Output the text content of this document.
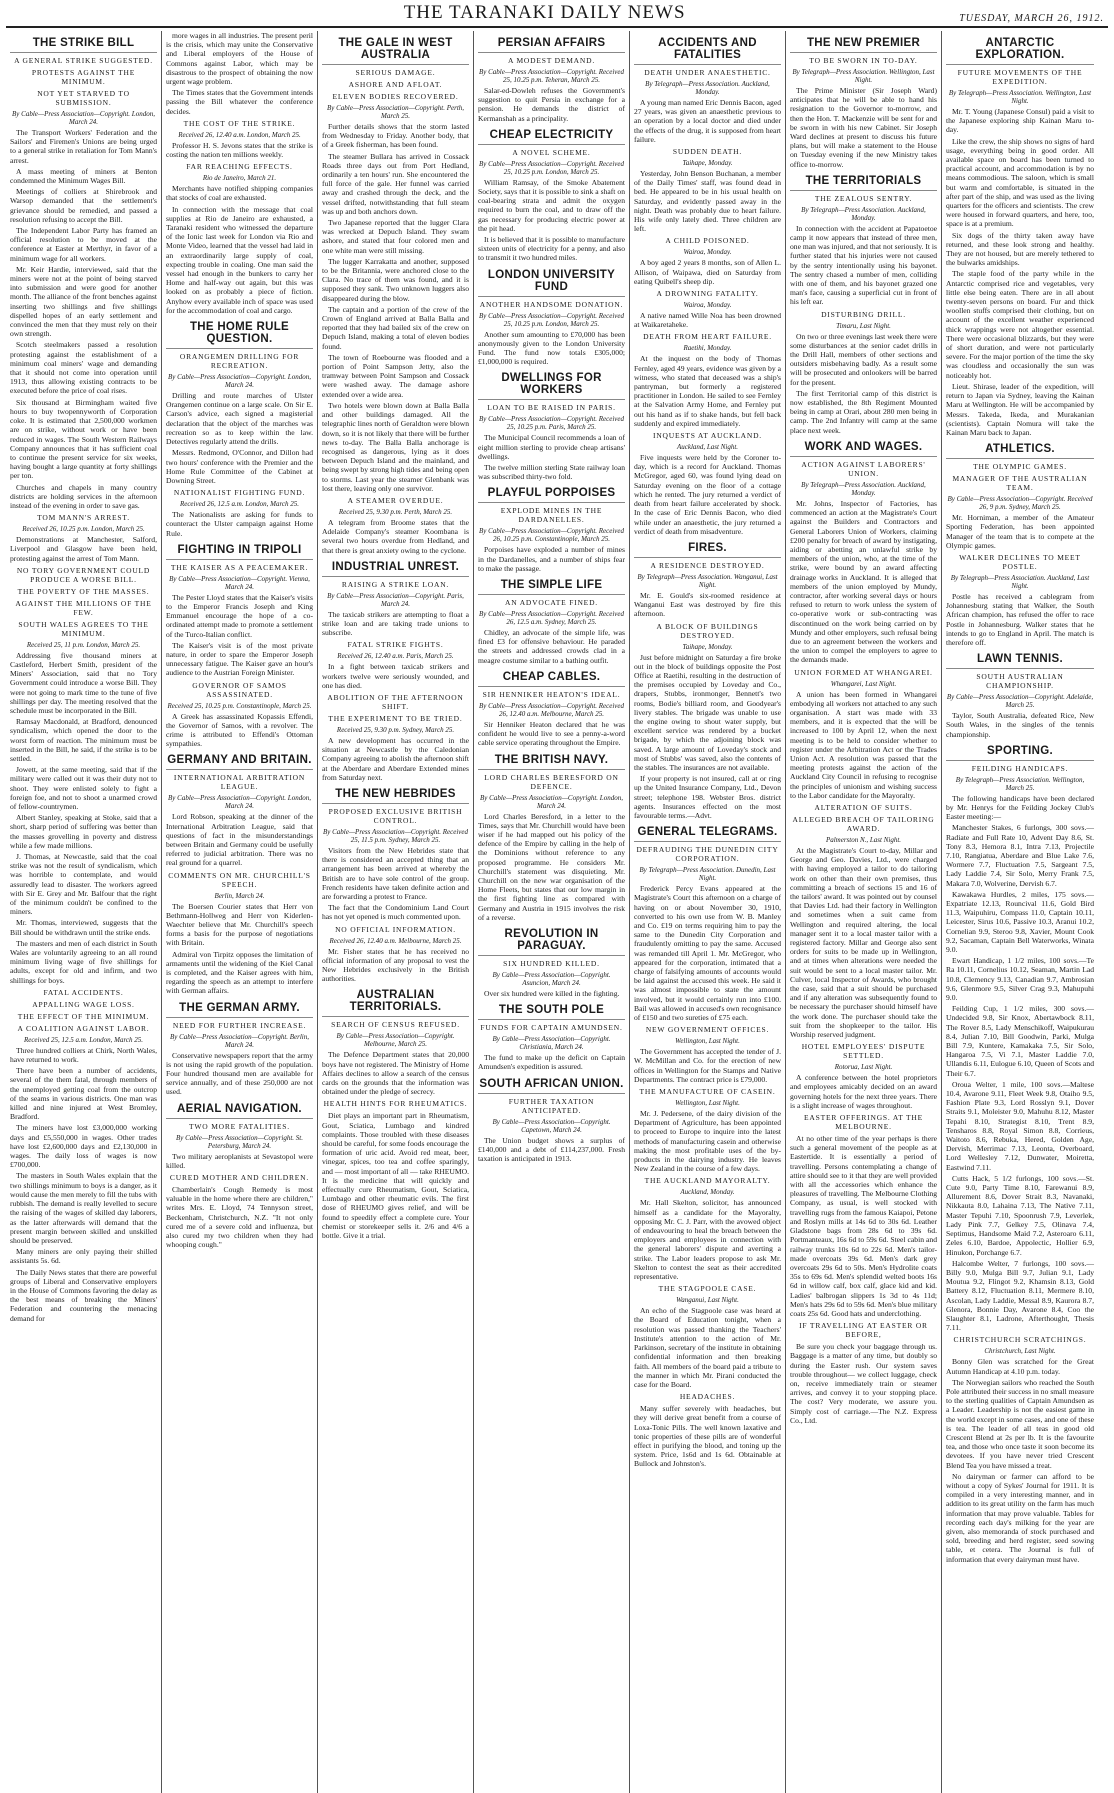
THE TARANAKI DAILY NEWS	TUESDAY, MARCH 26, 1912.
THE STRIKE BILL
A GENERAL STRIKE SUGGESTED.
PROTESTS AGAINST THE MINIMUM.
NOT YET STARVED TO SUBMISSION.
By Cable—Press Association—Copyright. London, March 24.

The Transport Workers' Federation and the Sailors' and Firemen's Unions are being urged to a general strike in retaliation for Tom Mann's arrest.

A mass meeting of miners at Benton condemned the Minimum Wages Bill.

Meetings of colliers at Shirebrook and Warsop demanded that the settlement's grievance should be remedied, and passed a resolution refusing to accept the Bill.

The Independent Labor Party has framed an official resolution to be moved at the conference at Easter at Merthyr, in favor of a minimum wage for all workers.

Mr. Keir Hardie, interviewed, said that the miners were not at the point of being starved into submission and were good for another month. The alliance of the front benches against inserting two shillings and five shillings dispelled hopes of an early settlement and convinced the men that they must rely on their own strength.

Scotch steelmakers passed a resolution protesting against the establishment of a minimum coal miners' wage and demanding that it should not come into operation until 1913, thus allowing existing contracts to be executed before the price of coal rises.

Six thousand at Birmingham waited five hours to buy twopennyworth of Corporation coke. It is estimated that 2,500,000 workmen are on strike, without work or have been reduced in wages. The South Western Railways Company announces that it has sufficient coal to continue the present service for six weeks, having bought a large quantity at forty shillings per ton.

Churches and chapels in many country districts are holding services in the afternoon instead of the evening in order to save gas.

TOM MANN'S ARREST.
Received 26, 10.25 p.m. London, March 25.

Demonstrations at Manchester, Salford, Liverpool and Glasgow have been held, protesting against the arrest of Tom Mann.

NO TORY GOVERNMENT COULD PRODUCE A WORSE BILL.
THE POVERTY OF THE MASSES.
AGAINST THE MILLIONS OF THE FEW.
SOUTH WALES AGREES TO THE MINIMUM.
Received 25, 11 p.m. London, March 25.

Addressing five thousand miners at Castleford, Herbert Smith, president of the Miners' Association, said that no Tory Government could introduce a worse Bill. They were not going to mark time to the tune of five shillings per day. The meeting resolved that the schedule must be incorporated in the Bill.

Ramsay Macdonald, at Bradford, denounced syndicalism, which opened the door to the worst form of reaction. The minimum must be inserted in the Bill, he said, if the strike is to be settled.

Jowett, at the same meeting, said that if the military were called out it was their duty not to shoot. They were enlisted solely to fight a foreign foe, and not to shoot a unarmed crowd of fellow-countrymen.

Albert Stanley, speaking at Stoke, said that a short, sharp period of suffering was better than the masses grovelling in poverty and distress while a few made millions.

J. Thomas, at Newcastle, said that the coal strike was not the result of syndicalism, which was horrible to contemplate, and would assuredly lead to disaster. The workers agreed with Sir E. Grey and Mr. Balfour that the right of the minimum couldn't be confined to the miners.

Mr. Thomas, interviewed, suggests that the Bill should be withdrawn until the strike ends.

The masters and men of each district in South Wales are voluntarily agreeing to an all round minimum living wage of five shillings for adults, except for old and infirm, and two shillings for boys.

FATAL ACCIDENTS.
APPALLING WAGE LOSS.
THE EFFECT OF THE MINIMUM.
A COALITION AGAINST LABOR.
Received 25, 12.5 a.m. London, March 25.

Three hundred colliers at Chirk, North Wales, have returned to work.

There have been a number of accidents, several of the them fatal, through members of the unemployed getting coal from the outcrop of the seams in various districts. One man was killed and nine injured at West Bromley, Bradford.

The miners have lost £3,000,000 working days and £5,550,000 in wages. Other trades have lost £2,600,000 days and £2,130,000 in wages. The daily loss of wages is now £700,000.

The masters in South Wales explain that the two shillings minimum to boys is a danger, as it would cause the men merely to fill the tubs with rubbish. The demand is really levelled to secure the raising of the wages of skilled day laborers, as the latter afterwards will demand that the present margin between skilled and unskilled should be preserved.

Many miners are only paying their shilled assistants 5s. 6d.

The Daily News states that there are powerful groups of Liberal and Conservative employers in the House of Commons favoring the delay as the best means of breaking the Miners' Federation and countering the menacing demand for

more wages in all industries. The present peril is the crisis, which may unite the Conservative and Liberal employers of the House of Commons against Labor, which may be disastrous to the prospect of obtaining the now urgent wage problem.

The Times states that the Government intends passing the Bill whatever the conference decides.

THE COST OF THE STRIKE.
Received 26, 12.40 a.m. London, March 25.

Professor H. S. Jevons states that the strike is costing the nation ten millions weekly.

FAR REACHING EFFECTS.
Rio de Janeiro, March 21.

Merchants have notified shipping companies that stocks of coal are exhausted.

In connection with the message that coal supplies at Rio de Janeiro are exhausted, a Taranaki resident who witnessed the departure of the Ionic last week for London via Rio and Monte Video, learned that the vessel had laid in an extraordinarily large supply of coal, expecting trouble in coaling. One man said the vessel had enough in the bunkers to carry her Home and half-way out again, but this was looked on as probably a piece of fiction. Anyhow every available inch of space was used for the accommodation of coal and cargo.

THE HOME RULE QUESTION.
ORANGEMEN DRILLING FOR RECREATION.
By Cable—Press Association—Copyright. London, March 24.

Drilling and route marches of Ulster Orangemen continue on a large scale. On Sir E. Carson's advice, each signed a magisterial declaration that the object of the marches was recreation so as to keep within the law. Detectives regularly attend the drills.

Messrs. Redmond, O'Connor, and Dillon had two hours' conference with the Premier and the Home Rule Committee of the Cabinet at Downing Street.

NATIONALIST FIGHTING FUND.
Received 26, 12.5 a.m. London, March 25.

The Nationalists are asking for funds to counteract the Ulster campaign against Home Rule.

FIGHTING IN TRIPOLI
THE KAISER AS A PEACEMAKER.
By Cable—Press Association—Copyright. Vienna, March 24.

The Pester Lloyd states that the Kaiser's visits to the Emperor Francis Joseph and King Emmanuel encourage the hope of a co-ordinated attempt made to promote a settlement of the Turco-Italian conflict.

The Kaiser's visit is of the most private nature, in order to spare the Emperor Joseph unnecessary fatigue. The Kaiser gave an hour's audience to the Austrian Foreign Minister.

GOVERNOR OF SAMOS ASSASSINATED.
Received 25, 10.25 p.m. Constantinople, March 25.

A Greek has assassinated Kopassis Effendi, the Governor of Samos, with a revolver. The crime is attributed to Effendi's Ottoman sympathies.

GERMANY AND BRITAIN.
INTERNATIONAL ARBITRATION LEAGUE.
By Cable—Press Association—Copyright. London, March 24.

Lord Robson, speaking at the dinner of the International Arbitration League, said that questions of fact in the misunderstandings between Britain and Germany could be usefully referred to judicial arbitration. There was no real ground for a quarrel.

COMMENTS ON MR. CHURCHILL'S SPEECH.
Berlin, March 24.

The Boersen Courier states that Herr von Bethmann-Hollweg and Herr von Kiderlen-Waechter believe that Mr. Churchill's speech forms a basis for the purpose of negotiations with Britain.

Admiral von Tirpitz opposes the limitation of armaments until the widening of the Kiel Canal is completed, and the Kaiser agrees with him, regarding the speech as an attempt to interfere with German affairs.

THE GERMAN ARMY.
NEED FOR FURTHER INCREASE.
By Cable—Press Association—Copyright. Berlin, March 24.

Conservative newspapers report that the army is not using the rapid growth of the population. Four hundred thousand men are available for service annually, and of these 250,000 are not used.

AERIAL NAVIGATION.
TWO MORE FATALITIES.
By Cable—Press Association—Copyright. St. Petersburg, March 24.

Two military aeroplanists at Sevastopol were killed.

CURED MOTHER AND CHILDREN.

Chamberlain's Cough Remedy is most valuable in the home where there are children," writes Mrs. E. Lloyd, 74 Tennyson street, Beckenham, Christchurch, N.Z. "It not only cured me of a severe cold and influenza, but also cured my two children when they had whooping cough."

THE GALE IN WEST AUSTRALIA
SERIOUS DAMAGE.
ASHORE AND AFLOAT.
ELEVEN BODIES RECOVERED.
By Cable—Press Association—Copyright. Perth, March 25.

Further details shows that the storm lasted from Wednesday to Friday. Another body, that of a Greek fisherman, has been found.

The steamer Bullara has arrived in Cossack Roads three days out from Port Hedland, ordinarily a ten hours' run. She encountered the full force of the gale. Her funnel was carried away and crashed through the deck, and the vessel drifted, notwithstanding that full steam was up and both anchors down.

Two Japanese reported that the lugger Clara was wrecked at Depuch Island. They swam ashore, and stated that four colored men and one white man were still missing.

The lugger Karrakatta and another, supposed to be the Britannia, were anchored close to the Clara. No trace of them was found, and it is supposed they sank. Two unknown luggers also disappeared during the blow.

The captain and a portion of the crew of the Crown of England arrived at Balla Balla and reported that they had bailed six of the crew on Depuch Island, making a total of eleven bodies found.

The town of Roebourne was flooded and a portion of Point Sampson Jetty, also the tramway between Point Sampson and Cossack were washed away. The damage ashore extended over a wide area.

Two hotels were blown down at Balla Balla and other buildings damaged. All the telegraphic lines north of Geraldton were blown down, so it is not likely that there will be further news to-day. The Balla Balla anchorage is recognised as dangerous, lying as it does between Depuch Island and the mainland, and being swept by strong high tides and being open to storms. Last year the steamer Glenbank was lost there, leaving only one survivor.

A STEAMER OVERDUE.
Received 25, 9.30 p.m. Perth, March 25.

A telegram from Broome states that the Adelaide Company's steamer Koombana is several two hours overdue from Hedland, and that there is great anxiety owing to the cyclone.

INDUSTRIAL UNREST.
RAISING A STRIKE LOAN.
By Cable—Press Association—Copyright. Paris, March 24.

The taxicab strikers are attempting to float a strike loan and are taking trade unions to subscribe.

FATAL STRIKE FIGHTS.
Received 26, 12.40 a.m. Paris, March 25.

In a fight between taxicab strikers and workers twelve were seriously wounded, and one has died.

ABOLITION OF THE AFTERNOON SHIFT.
THE EXPERIMENT TO BE TRIED.
Received 25, 9.30 p.m. Sydney, March 25.

A new development has occurred in the situation at Newcastle by the Caledonian Company agreeing to abolish the afternoon shift at the Aberdare and Aberdare Extended mines from Saturday next.

THE NEW HEBRIDES
PROPOSED EXCLUSIVE BRITISH CONTROL.
By Cable—Press Association—Copyright. Received 25, 11.5 p.m. Sydney, March 25.

Visitors from the New Hebrides state that there is considered an accepted thing that an arrangement has been arrived at whereby the British are to have sole control of the group. French residents have taken definite action and are forwarding a protest to France.

The fact that the Condominium Land Court has not yet opened is much commented upon.

NO OFFICIAL INFORMATION.
Received 26, 12.40 a.m. Melbourne, March 25.

Mr. Fisher states that he has received no official information of any proposal to vest the New Hebrides exclusively in the British authorities.

AUSTRALIAN TERRITORIALS.
SEARCH OF CENSUS REFUSED.
By Cable—Press Association—Copyright. Melbourne, March 25.

The Defence Department states that 20,000 boys have not registered. The Ministry of Home Affairs declines to allow a search of the census cards on the grounds that the information was obtained under the pledge of secrecy.

HEALTH HINTS FOR RHEUMATICS.

Diet plays an important part in Rheumatism, Gout, Sciatica, Lumbago and kindred complaints. Those troubled with these diseases should be careful, for some foods encourage the formation of uric acid. Avoid red meat, beer, vinegar, spices, too tea and coffee sparingly, and — most important of all — take RHEUMO. It is the medicine that will quickly and effectually cure Rheumatism, Gout, Sciatica, Lumbago and other rheumatic evils. The first dose of RHEUMO gives relief, and will be found to speedily effect a complete cure. Your chemist or storekeeper sells it. 2/6 and 4/6 a bottle. Give it a trial.

PERSIAN AFFAIRS
A MODEST DEMAND.
By Cable—Press Association—Copyright. Received 25, 10.25 p.m. Teheran, March 25.

Salar-ed-Dowleh refuses the Government's suggestion to quit Persia in exchange for a pension. He demands the district of Kermanshah as a principality.

CHEAP ELECTRICITY
A NOVEL SCHEME.
By Cable—Press Association—Copyright. Received 25, 10.25 p.m. London, March 25.

William Ramsay, of the Smoke Abatement Society, says that it is possible to sink a shaft on coal-bearing strata and admit the oxygen required to burn the coal, and to draw off the gas necessary for producing electric power at the pit head.

It is believed that it is possible to manufacture sixteen units of electricity for a penny, and also to transmit it two hundred miles.

LONDON UNIVERSITY FUND
ANOTHER HANDSOME DONATION.
By Cable—Press Association—Copyright. Received 25, 10.25 p.m. London, March 25.

Another sum amounting to £70,000 has been anonymously given to the London University Fund. The fund now totals £305,000; £1,000,000 is required.

DWELLINGS FOR WORKERS
LOAN TO BE RAISED IN PARIS.
By Cable—Press Association—Copyright. Received 25, 10.25 p.m. Paris, March 25.

The Municipal Council recommends a loan of eight million sterling to provide cheap artisans' dwellings.

The twelve million sterling State railway loan was subscribed thirty-two fold.

PLAYFUL PORPOISES
EXPLODE MINES IN THE DARDANELLES.
By Cable—Press Association—Copyright. Received 26, 10.25 p.m. Constantinople, March 25.

Porpoises have exploded a number of mines in the Dardanelles, and a number of ships fear to make the passage.

THE SIMPLE LIFE
AN ADVOCATE FINED.
By Cable—Press Association—Copyright. Received 26, 12.5 a.m. Sydney, March 25.

Chidley, an advocate of the simple life, was fined £3 for offensive behaviour. He paraded the streets and addressed crowds clad in a meagre costume similar to a bathing outfit.

CHEAP CABLES.
SIR HENNIKER HEATON'S IDEAL.
By Cable—Press Association—Copyright. Received 26, 12.40 a.m. Melbourne, March 25.

Sir Henniker Heaton declared that he was confident he would live to see a penny-a-word cable service operating throughout the Empire.

THE BRITISH NAVY.
LORD CHARLES BERESFORD ON DEFENCE.
By Cable—Press Association—Copyright. London, March 24.

Lord Charles Beresford, in a letter to the Times, says that Mr. Churchill would have been wiser if he had mapped out his policy of the defence of the Empire by calling in the help of the Dominions without reference to any proposed programme. He considers Mr. Churchill's statement was disquieting. Mr. Churchill on the new war organisation of the Home Fleets, but states that our low margin in the first fighting line as compared with Germany and Austria in 1915 involves the risk of a reverse.

REVOLUTION IN PARAGUAY.
SIX HUNDRED KILLED.
By Cable—Press Association—Copyright. Asuncion, March 24.

Over six hundred were killed in the fighting.

THE SOUTH POLE
FUNDS FOR CAPTAIN AMUNDSEN.
By Cable—Press Association—Copyright. Christiania, March 24.

The fund to make up the deficit on Captain Amundsen's expedition is assured.

SOUTH AFRICAN UNION.
FURTHER TAXATION ANTICIPATED.
By Cable—Press Association—Copyright. Capetown, March 24.

The Union budget shows a surplus of £140,000 and a debt of £114,237,000. Fresh taxation is anticipated in 1913.

ACCIDENTS AND FATALITIES
DEATH UNDER ANAESTHETIC.
By Telegraph—Press Association. Auckland, Monday.

A young man named Eric Dennis Bacon, aged 27 years, was given an anaesthetic previous to an operation by a local doctor and died under the effects of the drug, it is supposed from heart failure.

SUDDEN DEATH.
Taihape, Monday.

Yesterday, John Benson Buchanan, a member of the Daily Times' staff, was found dead in bed. He appeared to be in his usual health on Saturday, and evidently passed away in the night. Death was probably due to heart failure. His wife only lately died. Three children are left.

A CHILD POISONED.
Wairoa, Monday.

A boy aged 2 years 8 months, son of Allen L. Allison, of Waipawa, died on Saturday from eating Quibell's sheep dip.

A DROWNING FATALITY.
Wairoa, Monday.

A native named Wille Noa has been drowned at Waikaretaheke.

DEATH FROM HEART FAILURE.
Raetihi, Monday.

At the inquest on the body of Thomas Fernley, aged 49 years, evidence was given by a witness, who stated that deceased was a ship's pantryman, but formerly a registered practitioner in London. He sailed to see Fernley at the Salvation Army Home, and Fernley put out his hand as if to shake hands, but fell back suddenly and expired immediately.

INQUESTS AT AUCKLAND.
Auckland, Last Night.

Five inquests were held by the Coroner to-day, which is a record for Auckland. Thomas McGregor, aged 60, was found lying dead on Saturday evening on the floor of a cottage which he rented. The jury returned a verdict of death from heart failure accelerated by shock. In the case of Eric Dennis Bacon, who died while under an anaesthetic, the jury returned a verdict of death from misadventure.

FIRES.
A RESIDENCE DESTROYED.
By Telegraph—Press Association. Wanganui, Last Night.

Mr. E. Gould's six-roomed residence at Wanganui East was destroyed by fire this afternoon.

A BLOCK OF BUILDINGS DESTROYED.
Taihape, Monday.

Just before midnight on Saturday a fire broke out in the block of buildings opposite the Post Office at Raetihi, resulting in the destruction of the premises occupied by Loveday and Co., drapers, Stubbs, ironmonger, Bennett's two rooms, Bodie's billiard room, and Goodyear's livery stables. The brigade was unable to use the engine owing to shout water supply, but excellent service was rendered by a bucket brigade, by which the adjoining block was saved. A large amount of Loveday's stock and most of Stubbs' was saved, also the contents of the stables. The insurances are not available.

If your property is not insured, call at or ring up the United Insurance Company, Ltd., Devon street; telephone 198. Webster Bros. district agents. Insurances effected on the most favourable terms.—Advt.

GENERAL TELEGRAMS.
DEFRAUDING THE DUNEDIN CITY CORPORATION.
By Telegraph—Press Association. Dunedin, Last Night.

Frederick Percy Evans appeared at the Magistrate's Court this afternoon on a charge of having on or about November 30, 1910, converted to his own use from W. B. Manley and Co. £19 on terms requiring him to pay the same to the Dunedin City Corporation and fraudulently omitting to pay the same. Accused was remanded till April 1. Mr. McGregor, who appeared for the corporation, intimated that a charge of falsifying amounts of accounts would be laid against the accused this week. He said it was almost impossible to state the amount involved, but it would certainly run into £100. Bail was allowed in accused's own recognisance of £150 and two sureties of £75 each.

NEW GOVERNMENT OFFICES.
Wellington, Last Night.

The Government has accepted the tender of J. W. McMillan and Co. for the erection of new offices in Wellington for the Stamps and Native Departments. The contract price is £79,000.

THE MANUFACTURE OF CASEIN.
Wellington, Last Night.

Mr. J. Pedersene, of the dairy division of the Department of Agriculture, has been appointed to proceed to Europe to inquire into the latest methods of manufacturing casein and otherwise making the most profitable uses of the by-products in the dairying industry. He leaves New Zealand in the course of a few days.

THE AUCKLAND MAYORALTY.
Auckland, Monday.

Mr. Hall Skelton, solicitor, has announced himself as a candidate for the Mayoralty, opposing Mr. C. J. Parr, with the avowed object of endeavouring to heal the breach between the employers and employees in connection with the general laborers' dispute and averting a strike. The Labor leaders propose to ask Mr. Skelton to contest the seat as their accredited representative.

THE STAGPOOLE CASE.
Wanganui, Last Night.

An echo of the Stagpoole case was heard at the Board of Education tonight, when a resolution was passed thanking the Teachers' Institute's attention to the action of Mr. Parkinson, secretary of the institute in obtaining confidential information and then breaking faith. All members of the board paid a tribute to the manner in which Mr. Pirani conducted the case for the Board.

HEADACHES.

Many suffer severely with headaches, but they will derive great benefit from a course of Loxa-Tonic Pills. The well known laxative and tonic properties of these pills are of wonderful effect in purifying the blood, and toning up the system. Price, 1s6d and 1s 6d. Obtainable at Bullock and Johnston's.

THE NEW PREMIER
TO BE SWORN IN TO-DAY.
By Telegraph—Press Association. Wellington, Last Night.

The Prime Minister (Sir Joseph Ward) anticipates that he will be able to hand his resignation to the Governor to-morrow, and then the Hon. T. Mackenzie will be sent for and be sworn in with his new Cabinet. Sir Joseph Ward declines at present to discuss his future plans, but will make a statement to the House on Tuesday evening if the new Ministry takes office to-morrow.

THE TERRITORIALS
THE ZEALOUS SENTRY.
By Telegraph—Press Association. Auckland, Monday.

In connection with the accident at Papatoetoe camp it now appears that instead of three men, one man was injured, and that not seriously. It is further stated that his injuries were not caused by the sentry intentionally using his bayonet. The sentry chased a number of men, colliding with one of them, and his bayonet grazed one man's face, causing a superficial cut in front of his left ear.

DISTURBING DRILL.
Timaru, Last Night.

On two or three evenings last week there were some disturbances at the senior cadet drills in the Drill Hall, members of other sections and outsiders misbehaving badly. As a result some will be prosecuted and onlookers will be barred for the present.

The first Territorial camp of this district is now established, the 8th Regiment Mounted being in camp at Orari, about 280 men being in camp. The 2nd Infantry will camp at the same place next week.

WORK AND WAGES.
ACTION AGAINST LABORERS' UNION.
By Telegraph—Press Association. Auckland, Monday.

Mr. Johns, Inspector of Factories, has commenced an action at the Magistrate's Court against the Builders and Contractors and General Laborers Union of Workers, claiming £200 penalty for breach of award by instigating, aiding or abetting an unlawful strike by members of the union, who, at the time of the strike, were bound by an award affecting drainage works in Auckland. It is alleged that members of the union employed by Mundy, contractor, after working several days or hours refused to return to work unless the system of co-operative work or sub-contracting was discontinued on the work being carried on by Mundy and other employers, such refusal being due to an agreement between the workers and the union to compel the employers to agree to the demands made.

UNION FORMED AT WHANGAREI.
Whangarei, Last Night.

A union has been formed in Whangarei embodying all workers not attached to any such organisation. A start was made with 33 members, and it is expected that the will be increased to 100 by April 12, when the next meeting is to be held to consider whether to register under the Arbitration Act or the Trades Union Act. A resolution was passed that the meeting protests against the action of the Auckland City Council in refusing to recognise the principles of unionism and wishing success to the Labor candidate for the Mayoralty.

ALTERATION OF SUITS.
ALLEGED BREACH OF TAILORING AWARD.
Palmerston N., Last Night.

At the Magistrate's Court to-day, Millar and George and Geo. Davies, Ltd., were charged with having employed a tailor to do tailoring work on other than their own premises, thus committing a breach of sections 15 and 16 of the tailors' award. It was pointed out by counsel that Davies Ltd. had their factory in Wellington and sometimes when a suit came from Wellington and required altering, the local manager sent it to a local master tailor with a registered factory. Millar and George also sent orders for suits to be made up in Wellington, and at times when alterations were needed the suit would be sent to a local master tailor. Mr. Culver, local Inspector of Awards, who brought the case, said that a suit should be purchased and if any alteration was subsequently found to be necessary the purchaser should himself have the work done. The purchaser should take the suit from the shopkeeper to the tailor. His Worship reserved judgment.

HOTEL EMPLOYEES' DISPUTE SETTLED.
Rotorua, Last Night.

A conference between the hotel proprietors and employees amicably decided on an award governing hotels for the next three years. There is a slight increase of wages throughout.

EASTER OFFERINGS. AT THE MELBOURNE.

At no other time of the year perhaps is there such a general movement of the people as at Eastertide. It is essentially a period of travelling. Persons contemplating a change of attire should see to it that they are well provided with all the accessories which enhance the pleasures of travelling. The Melbourne Clothing Company, as usual, is well stocked with travelling rugs from the famous Kaiapoi, Petone and Roslyn mills at 14s 6d to 30s 6d. Leather Gladstone bags from 28s 6d to 39s 6d. Portmanteaux, 16s 6d to 59s 6d. Steel cabin and railway trunks 10s 6d to 22s 6d. Men's tailor-made overcoats 39s 6d. Men's dark grey overcoats 29s 6d to 50s. Men's Hydrolite coats 35s to 69s 6d. Men's splendid welted boots 16s 6d in willow calf, box calf, glace kid and kid. Ladies' balbrogan slippers 1s 3d to 4s 11d; Men's hats 29s 6d to 59s 6d. Men's blue military coats 25s 6d. Good hats and underclothing.

IF TRAVELLING AT EASTER OR BEFORE,

Be sure you check your baggage through us. Baggage is a matter of any time, but doubly so during the Easter rush. Our system saves trouble throughout— we collect luggage, check on, receive immediately train or steamer arrives, and convey it to your stopping place. The cost? Very moderate, we assure you. Simply cost of carriage.—The N.Z. Express Co., Ltd.

ANTARCTIC EXPLORATION.
FUTURE MOVEMENTS OF THE EXPEDITION.
By Telegraph—Press Association. Wellington, Last Night.

Mr. T. Young (Japanese Consul) paid a visit to the Japanese exploring ship Kainan Maru to-day.

Like the crew, the ship shows no signs of hard usage, everything being in good order. All available space on board has been turned to practical account, and accommodation is by no means commodious. The saloon, which is small but warm and comfortable, is situated in the after part of the ship, and was used as the living quarters for the officers and scientists. The crew were housed in forward quarters, and here, too, space is at a premium.

Six dogs of the thirty taken away have returned, and these look strong and healthy. They are not housed, but are merely tethered to the bulwarks amidships.

The staple food of the party while in the Antarctic comprised rice and vegetables, very little else being eaten. There are in all about twenty-seven persons on board. Fur and thick woollen stuffs comprised their clothing, but on account of the excellent weather experienced thick wrappings were not altogether essential. There were occasional blizzards, but they were of short duration, and were not particularly severe. For the major portion of the time the sky was cloudless and occasionally the sun was noticeably hot.

Lieut. Shirase, leader of the expedition, will return to Japan via Sydney, leaving the Kainan Maru at Wellington. He will be accompanied by Messrs. Takeda, Ikeda, and Murakanian (scientists). Captain Nomura will take the Kainan Maru back to Japan.

ATHLETICS.
THE OLYMPIC GAMES.
MANAGER OF THE AUSTRALIAN TEAM.
By Cable—Press Association—Copyright. Received 26, 9 p.m. Sydney, March 25.

Mr. Horniman, a member of the Amateur Sporting Federation, has been appointed Manager of the team that is to compete at the Olympic games.

WALKER DECLINES TO MEET POSTLE.
By Telegraph—Press Association. Auckland, Last Night.

Postle has received a cablegram from Johannesburg stating that Walker, the South African champion, has refused the offer to race Postle in Johannesburg. Walker states that he intends to go to England in April. The match is therefore off.

LAWN TENNIS.
SOUTH AUSTRALIAN CHAMPIONSHIP.
By Cable—Press Association—Copyright. Adelaide, March 25.

Taylor, South Australia, defeated Rice, New South Wales, in the singles of the tennis championship.

SPORTING.
FEILDING HANDICAPS.
By Telegraph—Press Association. Wellington, March 25.

The following handicaps have been declared by Mr. Henrys for the Feilding Jockey Club's Easter meeting:—

Manchester Stakes, 6 furlongs, 300 sovs.—Radiate and Full Rate 10, Advent Day 8.6, St. Tony 8.3, Hemora 8.1, Intra 7.13, Projectile 7.10, Rangiatua, Aberdare and Blue Lake 7.6, Wormere 7.7, Fluctuation 7.5, Sargeant 7.5, Lady Laddie 7.4, Sir Solo, Merry Frank 7.5, Makara 7.0, Wolverine, Dervish 6.7.

Kawakawa Hurdles, 2 miles, 175 sovs.—Expatriate 12.13, Rouncival 11.6, Gold Bird 11.3, Waipuhiru, Compass 11.0, Captain 10.11, Leicester, Sirus 10.6, Passive 10.3, Aranui 10.2, Cornelian 9.9, Steroo 9.8, Xavier, Mount Cook 9.2, Sacaman, Captain Bell Waterworks, Winata 9.0.

Ewart Handicap, 1 1/2 miles, 100 sovs.—Te Ra 10.11, Cornelius 10.12, Seaman, Martin Lad 10.8, Clemency 9.13, Canadian 9.7, Ambrosian 9.6, Glenmore 9.5, Silver Crag 9.3, Mahupuhi 9.0.

Feilding Cup, 1 1/2 miles, 300 sovs.—Undecided 9.8, Sir Knox, Abertawbock 8.11, The Rover 8.5, Lady Menschikoff, Waipukurau 8.4, Julian 7.10, Bill Goodwin, Parki, Mulga Bill 7.9, Kuntere, Kamakaka 7.5, Sir Solo, Hangaroa 7.5, Vi 7.1, Master Laddie 7.0, Ullandis 6.11, Eulogue 6.10, Queen of Scots and Their 6.7.

Oroua Welter, 1 mile, 100 sovs.—Maltese 10.4, Avarone 9.11, Fleet Week 9.8, Otaiho 9.5, Fashion Plate 9.3, Lord Rosslyn 9.1, Dover Straits 9.1, Moleister 9.0, Mahuhu 8.12, Master Tepahi 8.10, Strategist 8.10, Trent 8.9, Tensharos 8.8, Royal Simon 8.8, Corrieus, Waitoto 8.6, Rebuka, Hered, Golden Age, Dervish, Merrimac 7.13, Leonta, Overboard, Lord Wellesley 7.12, Dunwater, Moiretta, Eastwind 7.11.

Cutts Hack, 5 1/2 furlongs, 100 sovs.—St. Cute 9.0, Party Time 8.10, Farewanui 8.9, Allurement 8.6, Dover Strait 8.3, Navanaki, Nikkauta 8.0, Lahaina 7.13, The Native 7.11, Master Tepuhi 7.10, Spoonrush 7.9, Leverlek, Lady Pink 7.7, Gelkey 7.5, Olinava 7.4, Septimus, Handsome Maid 7.2, Asteroaro 6.11, Zeles 6.10, Bardoe, Appolectic, Hollier 6.9, Hinukon, Porchange 6.7.

Halcombe Welter, 7 furlongs, 100 sovs.—Billy 9.0, Mulga Bill 9.7, Julian 9.1, Lady Moutua 9.2, Flingot 9.2, Khamsin 8.13, Gold Battery 8.12, Fluctuation 8.11, Mermere 8.10, Ascolan, Lady Laddie, Messal 8.9, Kaurora 8.7, Glenora, Bonnie Day, Avarone 8.4, Coo the Slaughter 8.1, Ladrone, Afterthought, Thesis 7.11.

CHRISTCHURCH SCRATCHINGS.
Christchurch, Last Night.

Bonny Glen was scratched for the Great Autumn Handicap at 4.10 p.m. today.

The Norwegian sailors who reached the South Pole attributed their success in no small measure to the sterling qualities of Captain Amundsen as a Leader. Leadership is not the easiest game in the world except in some cases, and one of these is tea. The leader of all teas in good old Crescent Blend at 2s per lb. It is the favourite tea, and those who once taste it soon become its devotees. If you have never tried Crescent Blend Tea you have missed a treat.

No dairyman or farmer can afford to be without a copy of Sykes' Journal for 1911. It is compiled in a very interesting manner, and in addition to its great utility on the farm has much information that may prove valuable. Tables for recording each day's milking for the year are given, also memoranda of stock purchased and sold, breeding and herd register, seed sowing table, et cetera. The Journal is full of information that every dairyman must have.
